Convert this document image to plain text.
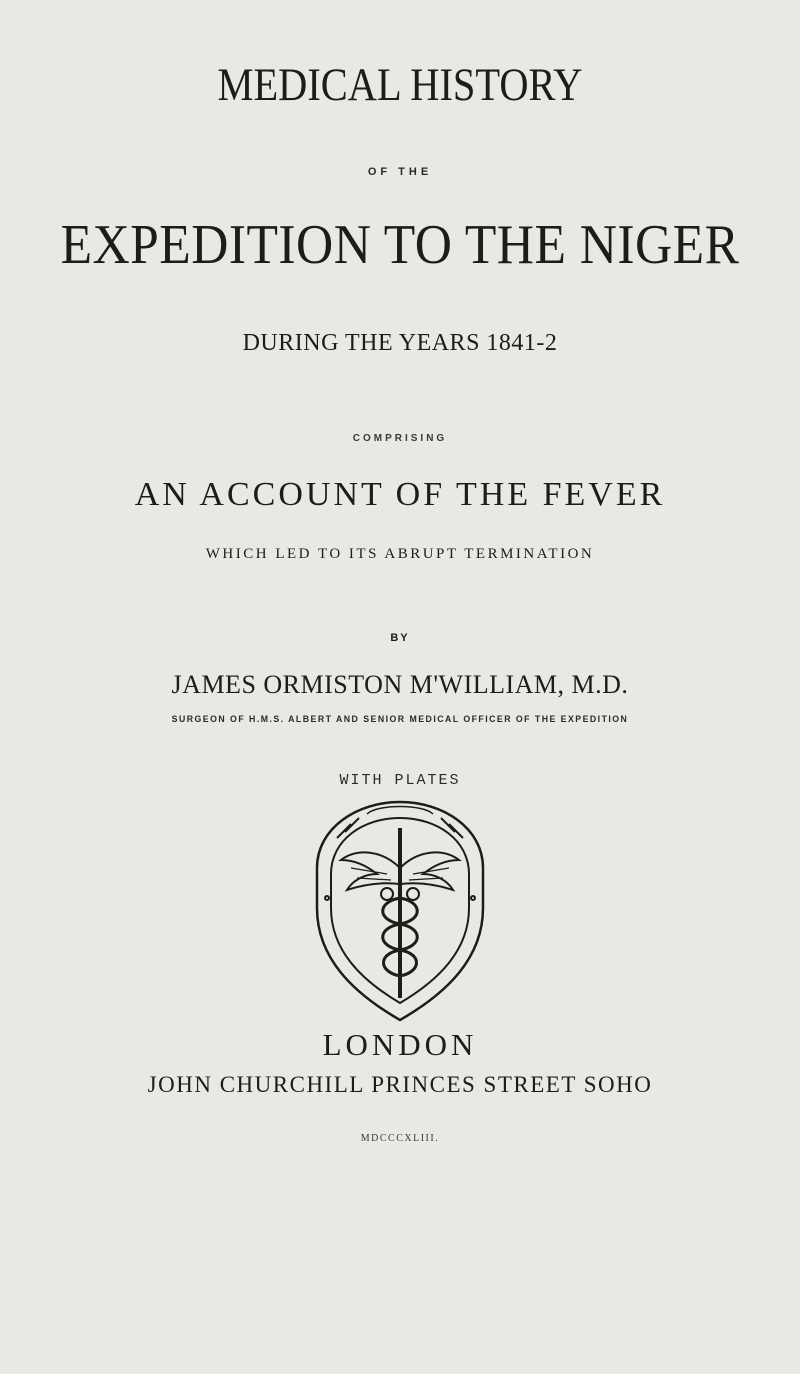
MEDICAL HISTORY
OF THE
EXPEDITION TO THE NIGER
DURING THE YEARS 1841-2
COMPRISING
AN ACCOUNT OF THE FEVER
WHICH LED TO ITS ABRUPT TERMINATION
BY
JAMES ORMISTON M'WILLIAM, M.D.
SURGEON OF H.M.S. ALBERT AND SENIOR MEDICAL OFFICER OF THE EXPEDITION
WITH PLATES
LONDON
JOHN CHURCHILL PRINCES STREET SOHO
MDCCCXLIII.
